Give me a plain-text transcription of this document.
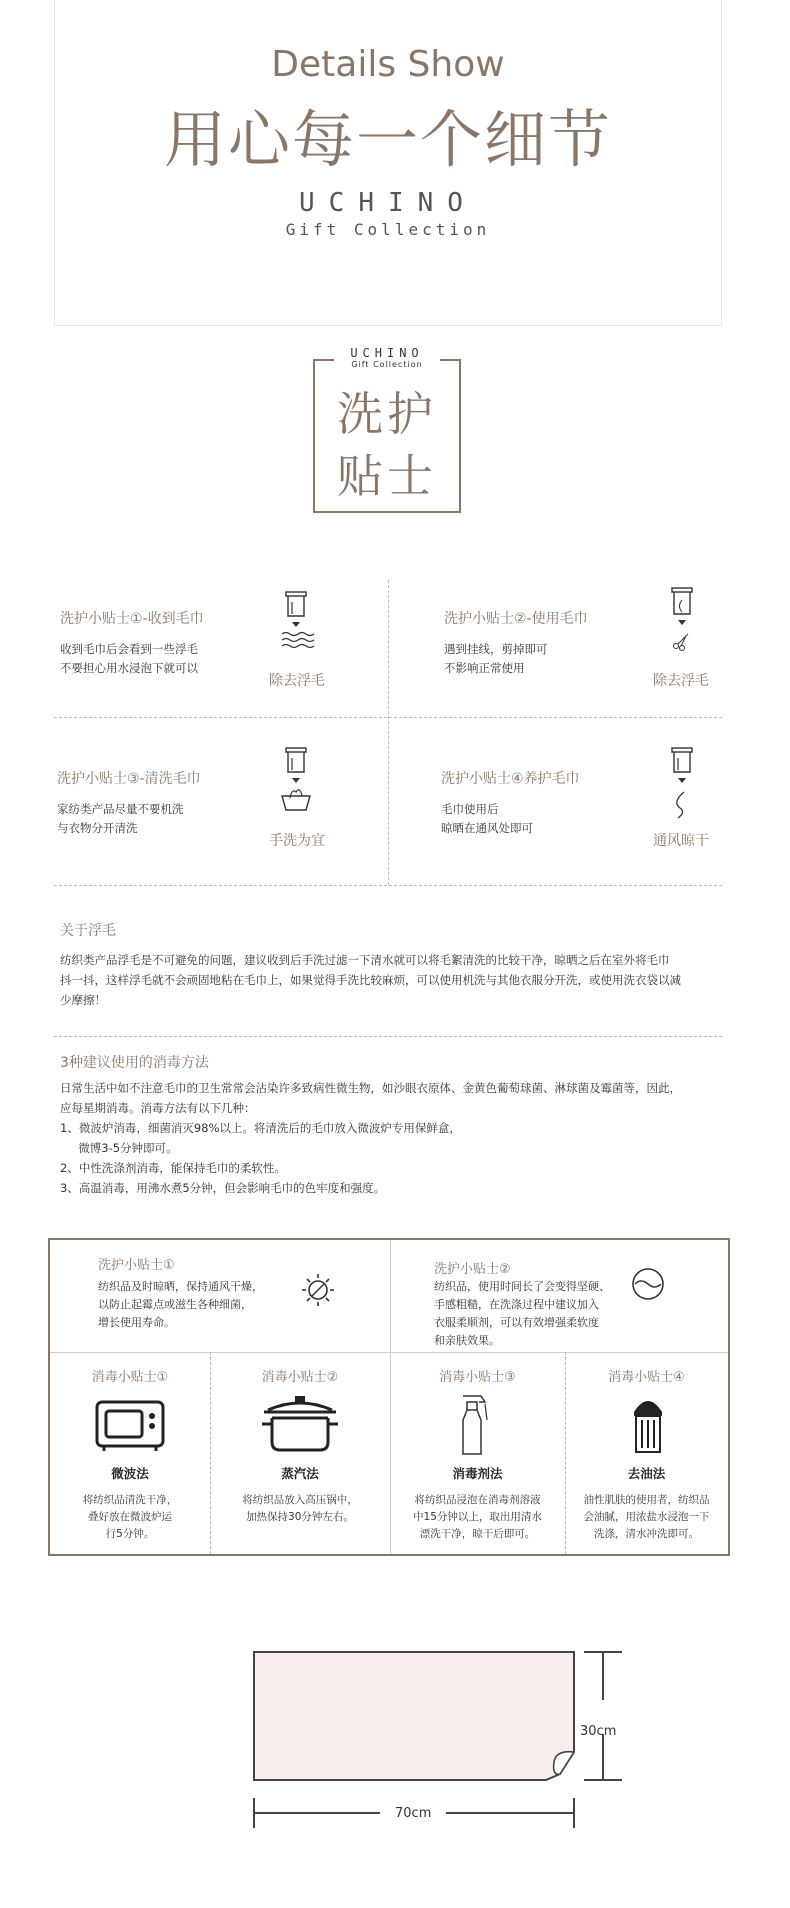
Details Show
用心每一个细节
UCHINO
Gift Collection
UCHINO
Gift Collection
洗护
贴士
洗护小贴士①-收到毛巾
收到毛巾后会看到一些浮毛
不要担心用水浸泡下就可以
除去浮毛
洗护小贴士②-使用毛巾
遇到挂线，剪掉即可
不影响正常使用
除去浮毛
洗护小贴士③-清洗毛巾
家纺类产品尽量不要机洗
与衣物分开清洗
手洗为宜
洗护小贴士④养护毛巾
毛巾使用后
晾晒在通风处即可
通风晾干
关于浮毛
纺织类产品浮毛是不可避免的问题，建议收到后手洗过滤一下清水就可以将毛絮清洗的比较干净，晾晒之后在室外将毛巾
抖一抖，这样浮毛就不会顽固地粘在毛巾上，如果觉得手洗比较麻烦，可以使用机洗与其他衣服分开洗，或使用洗衣袋以减
少摩擦！
3种建议使用的消毒方法
日常生活中如不注意毛巾的卫生常常会沾染许多致病性微生物，如沙眼衣原体、金黄色葡萄球菌、淋球菌及霉菌等，因此，
应每星期消毒。消毒方法有以下几种：
1、微波炉消毒，细菌消灭98%以上。将清洗后的毛巾放入微波炉专用保鲜盒，
微博3-5分钟即可。
2、中性洗涤剂消毒，能保持毛巾的柔软性。
3、高温消毒，用沸水煮5分钟，但会影响毛巾的色牢度和强度。
洗护小贴士①
纺织品及时晾晒，保持通风干燥，
以防止起霉点或滋生各种细菌，
增长使用寿命。
洗护小贴士②
纺织品，使用时间长了会变得坚硬、
手感粗糙，在洗涤过程中建议加入
衣服柔顺剂，可以有效增强柔软度
和亲肤效果。
消毒小贴士①
微波法
将纺织品清洗干净，
叠好放在微波炉运
行5分钟。
消毒小贴士②
蒸汽法
将纺织品放入高压锅中，
加热保持30分钟左右。
消毒小贴士③
消毒剂法
将纺织品浸泡在消毒剂溶液
中15分钟以上，取出用清水
漂洗干净，晾干后即可。
消毒小贴士④
去油法
油性肌肤的使用者，纺织品
会油腻，用浓盐水浸泡一下
洗涤，清水冲洗即可。
30cm
70cm
